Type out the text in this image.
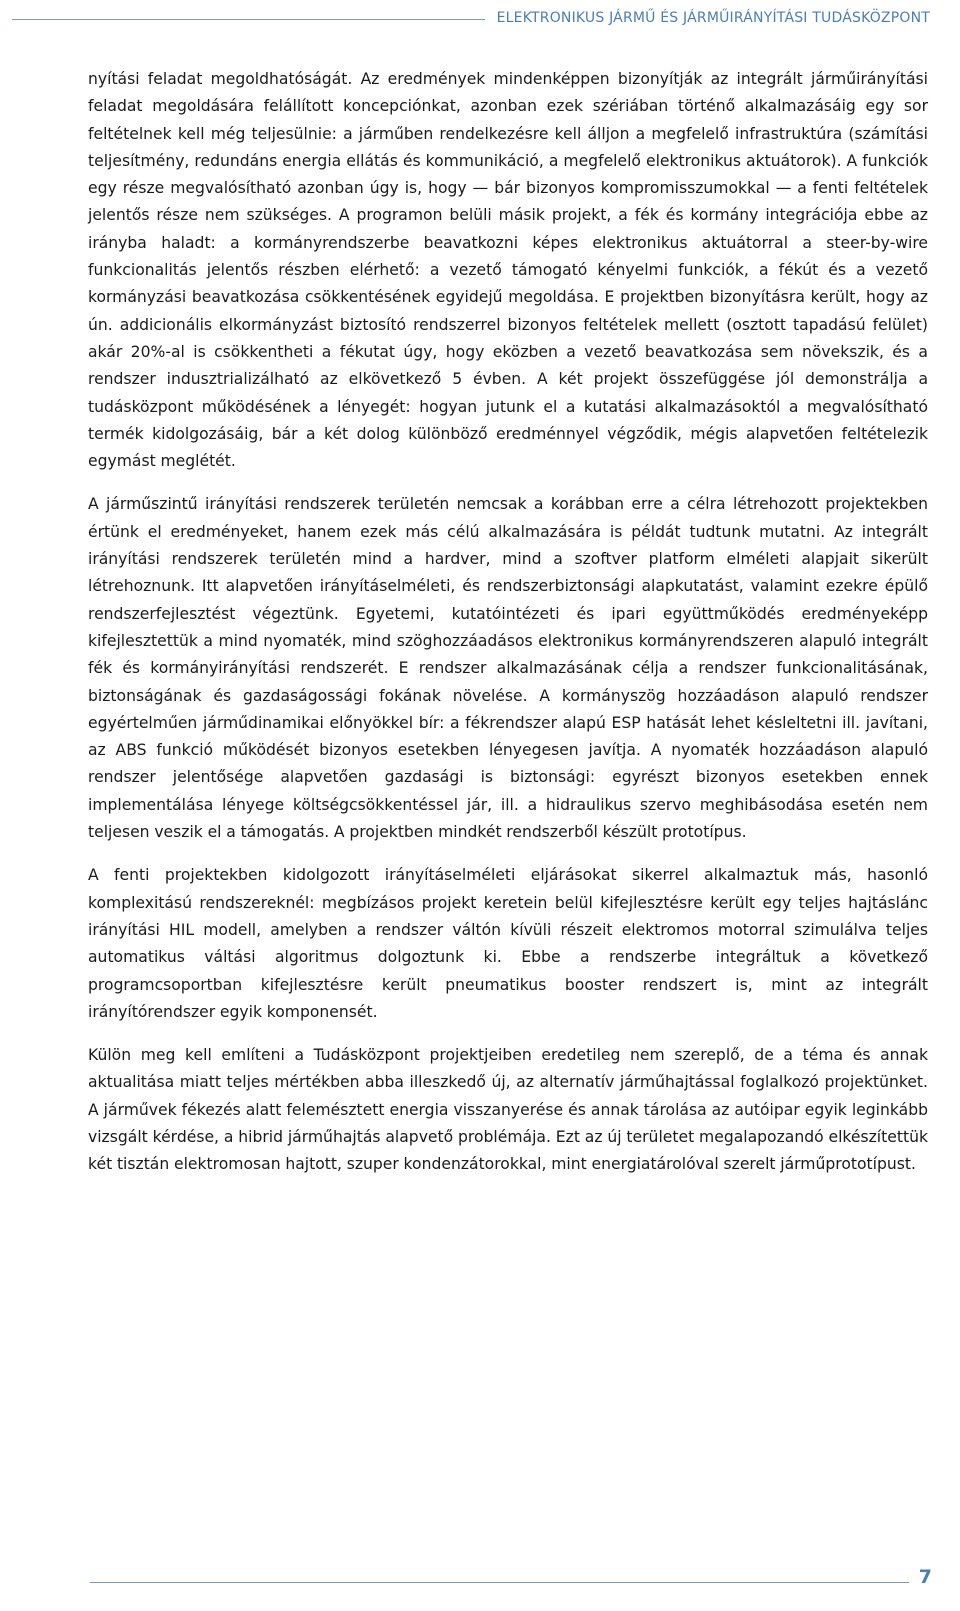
ELEKTRONIKUS JÁRMŰ ÉS JÁRMŰIRÁNYÍTÁSI TUDÁSKÖZPONT

nyítási feladat megoldhatóságát. Az eredmények mindenképpen bizonyítják az integrált járműirányítási feladat megoldására felállított koncepciónkat, azonban ezek szériában történő alkalmazásáig egy sor feltételnek kell még teljesülnie: a járműben rendelkezésre kell álljon a megfelelő infrastruktúra (számítási teljesítmény, redundáns energia ellátás és kommunikáció, a megfelelő elektronikus aktuátorok). A funkciók egy része megvalósítható azonban úgy is, hogy — bár bizonyos kompromisszumokkal — a fenti feltételek jelentős része nem szükséges. A programon belüli másik projekt, a fék és kormány integrációja ebbe az irányba haladt: a kormányrendszerbe beavatkozni képes elektronikus aktuátorral a steer-by-wire funkcionalitás jelentős részben elérhető: a vezető támogató kényelmi funkciók, a fékút és a vezető kormányzási beavatkozása csökkentésének egyidejű megoldása. E projektben bizonyításra került, hogy az ún. addicionális elkormányzást biztosító rendszerrel bizonyos feltételek mellett (osztott tapadású felület) akár 20%-al is csökkentheti a fékutat úgy, hogy eközben a vezető beavatkozása sem növekszik, és a rendszer indusztrializálható az elkövetkező 5 évben. A két projekt összefüggése jól demonstrálja a tudásközpont működésének a lényegét: hogyan jutunk el a kutatási alkalmazásoktól a megvalósítható termék kidolgozásáig, bár a két dolog különböző eredménnyel végződik, mégis alapvetően feltételezik egymást meglétét.

A járműszintű irányítási rendszerek területén nemcsak a korábban erre a célra létrehozott projektekben értünk el eredményeket, hanem ezek más célú alkalmazására is példát tudtunk mutatni. Az integrált irányítási rendszerek területén mind a hardver, mind a szoftver platform elméleti alapjait sikerült létrehoznunk. Itt alapvetően irányításelméleti, és rendszerbiztonsági alapkutatást, valamint ezekre épülő rendszerfejlesztést végeztünk. Egyetemi, kutatóintézeti és ipari együttműködés eredményeképp kifejlesztettük a mind nyomaték, mind szöghozzáadásos elektronikus kormányrendszeren alapuló integrált fék és kormányirányítási rendszerét. E rendszer alkalmazásának célja a rendszer funkcionalitásának, biztonságának és gazdaságossági fokának növelése. A kormányszög hozzáadáson alapuló rendszer egyértelműen járműdinamikai előnyökkel bír: a fékrendszer alapú ESP hatását lehet késleltetni ill. javítani, az ABS funkció működését bizonyos esetekben lényegesen javítja. A nyomaték hozzáadáson alapuló rendszer jelentősége alapvetően gazdasági is biztonsági: egyrészt bizonyos esetekben ennek implementálása lényege költségcsökkentéssel jár, ill. a hidraulikus szervo meghibásodása esetén nem teljesen veszik el a támogatás. A projektben mindkét rendszerből készült prototípus.

A fenti projektekben kidolgozott irányításelméleti eljárásokat sikerrel alkalmaztuk más, hasonló komplexitású rendszereknél: megbízásos projekt keretein belül kifejlesztésre került egy teljes hajtáslánc irányítási HIL modell, amelyben a rendszer váltón kívüli részeit elektromos motorral szimulálva teljes automatikus váltási algoritmus dolgoztunk ki. Ebbe a rendszerbe integráltuk a következő programcsoportban kifejlesztésre került pneumatikus booster rendszert is, mint az integrált irányítórendszer egyik komponensét.

Külön meg kell említeni a Tudásközpont projektjeiben eredetileg nem szereplő, de a téma és annak aktualitása miatt teljes mértékben abba illeszkedő új, az alternatív járműhajtással foglalkozó projektünket. A járművek fékezés alatt felemésztett energia visszanyerése és annak tárolása az autóipar egyik leginkább vizsgált kérdése, a hibrid járműhajtás alapvető problémája. Ezt az új területet megalapozandó elkészítettük két tisztán elektromosan hajtott, szuper kondenzátorokkal, mint energiatárolóval szerelt járműprototípust.

7
